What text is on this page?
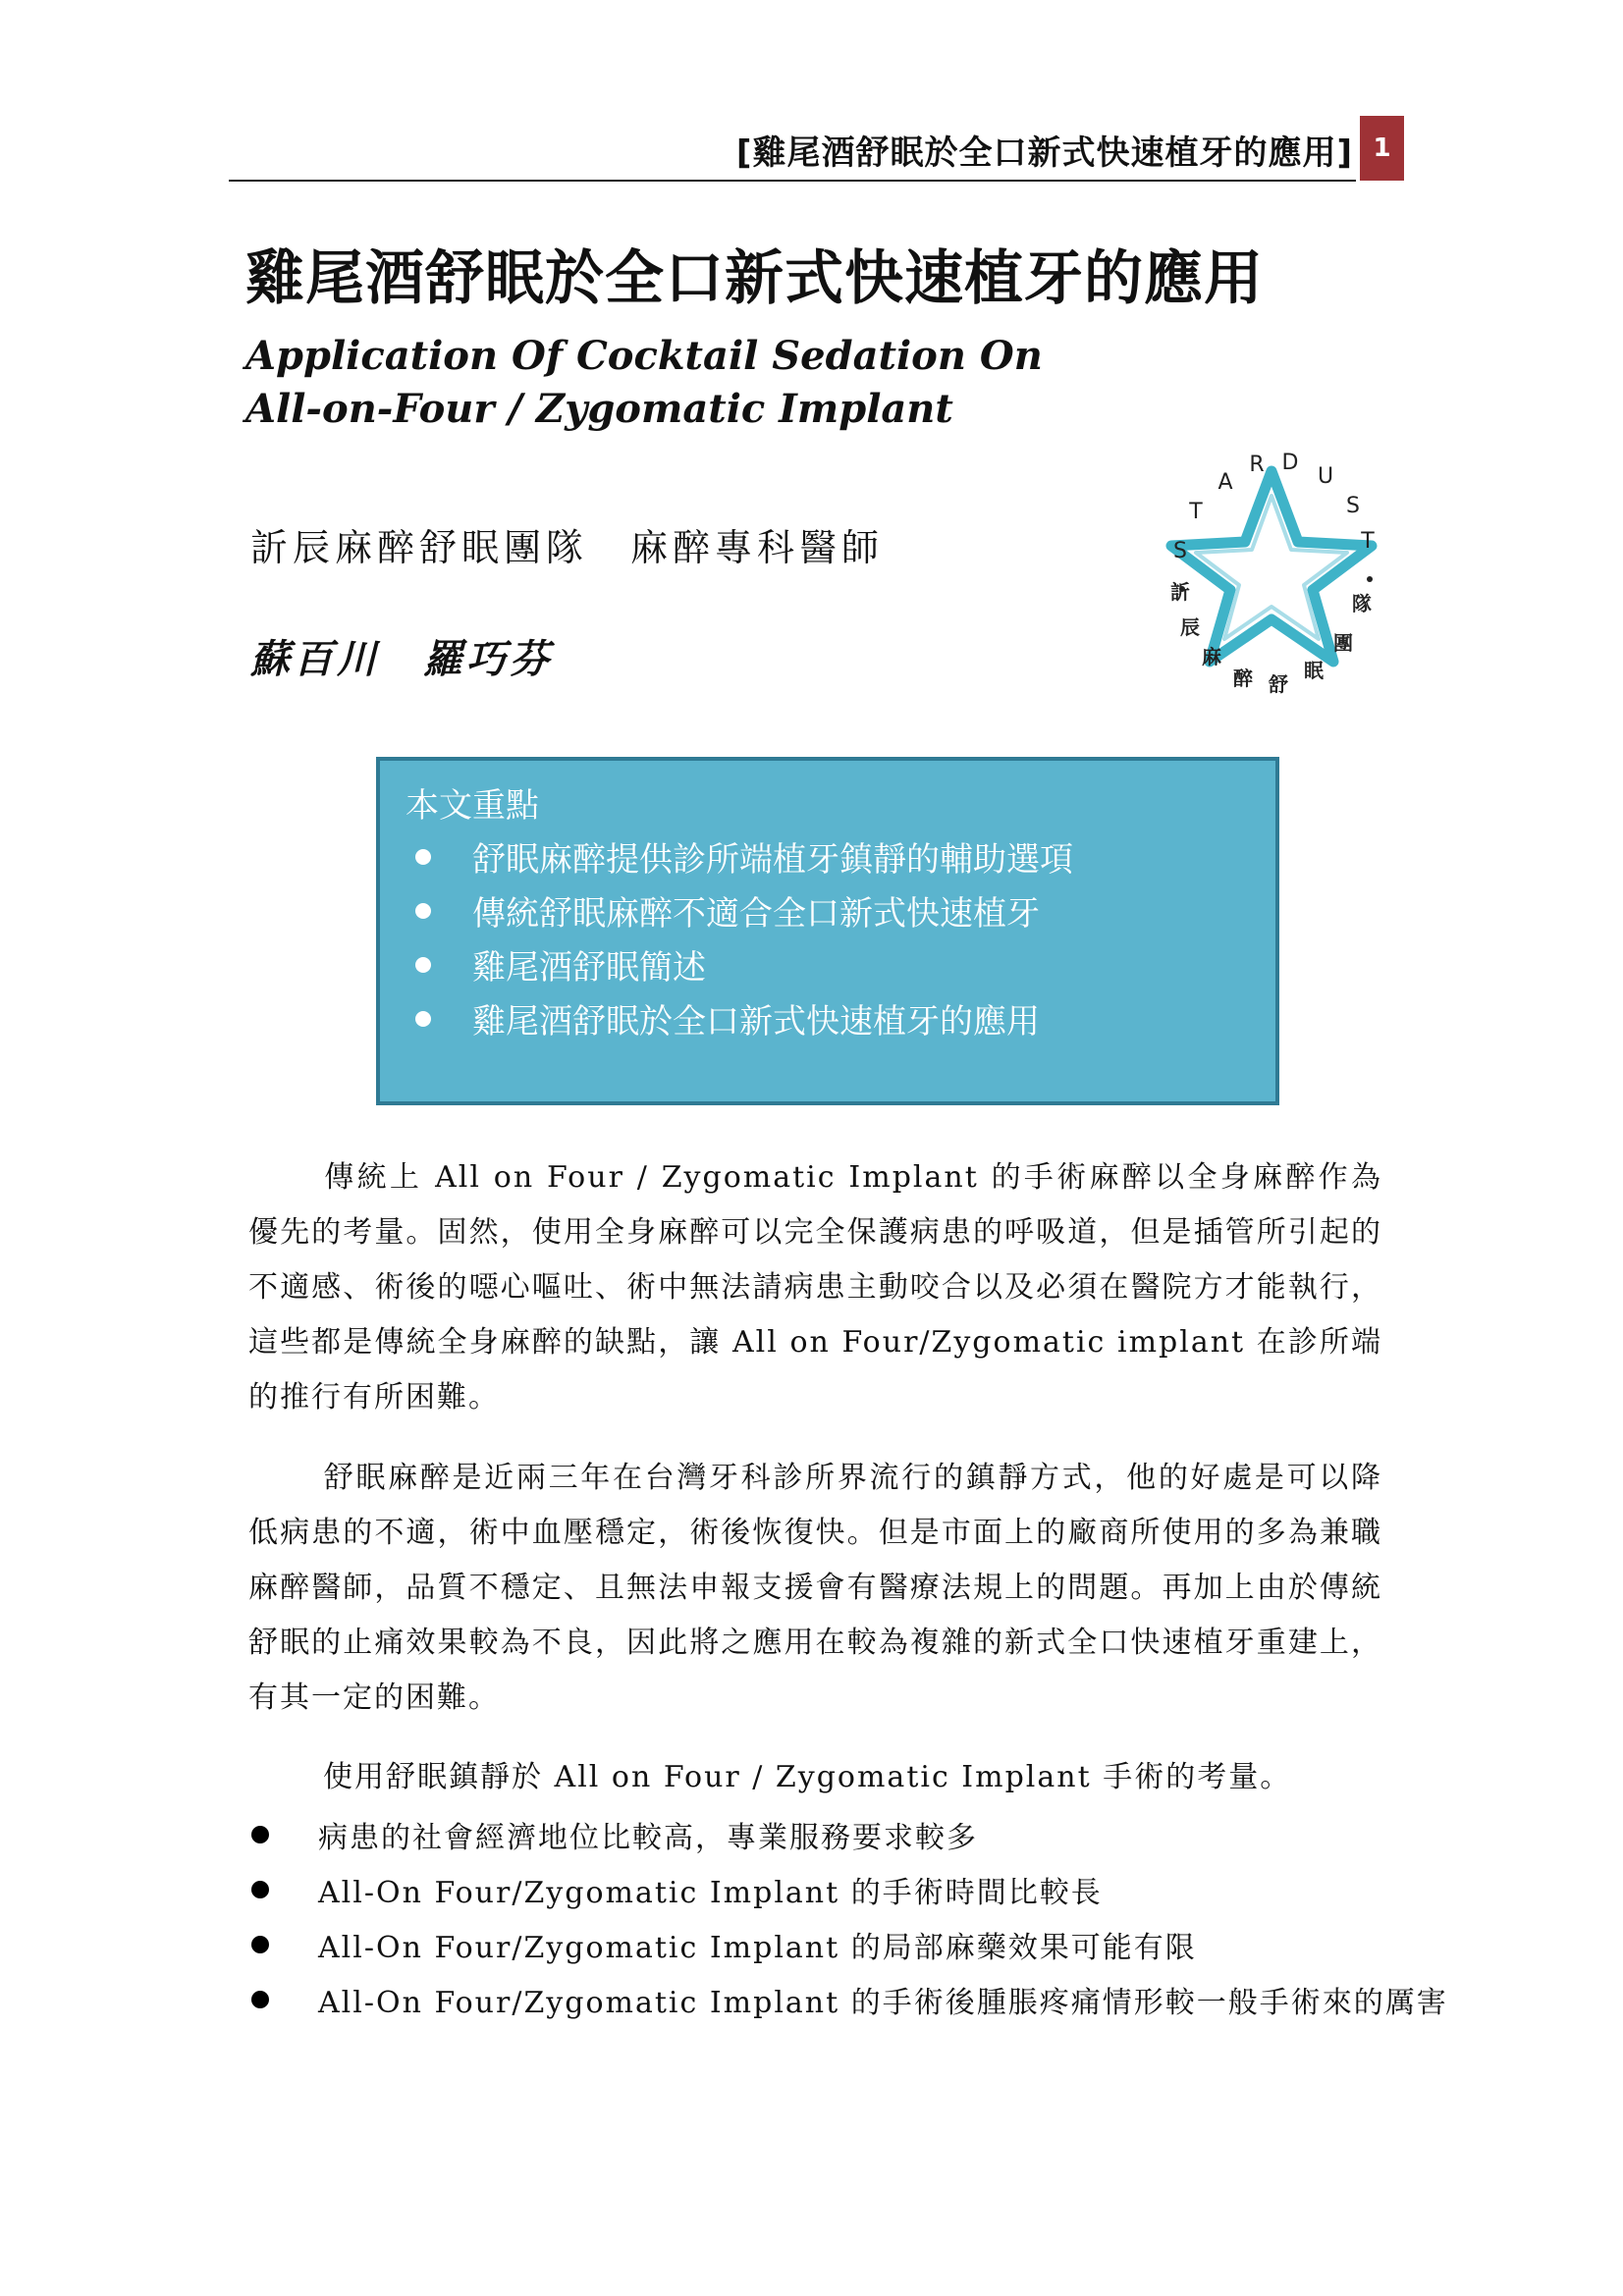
[雞尾酒舒眠於全口新式快速植牙的應用] 1
雞尾酒舒眠於全口新式快速植牙的應用
Application Of Cocktail Sedation On
All-on-Four / Zygomatic Implant
訢辰麻醉舒眠團隊　麻醉專科醫師
蘇百川　羅巧芬
S
T
A
R D
U
S
T
訢
辰
麻
醉 舒
眠
團
隊
本文重點
舒眠麻醉提供診所端植牙鎮靜的輔助選項
傳統舒眠麻醉不適合全口新式快速植牙
雞尾酒舒眠簡述
雞尾酒舒眠於全口新式快速植牙的應用

傳統上 All on Four / Zygomatic Implant 的手術麻醉以全身麻醉作為優先的考量。固然，使用全身麻醉可以完全保護病患的呼吸道，但是插管所引起的不適感、術後的噁心嘔吐、術中無法請病患主動咬合以及必須在醫院方才能執行，這些都是傳統全身麻醉的缺點，讓 All on Four/Zygomatic implant 在診所端的推行有所困難。

舒眠麻醉是近兩三年在台灣牙科診所界流行的鎮靜方式，他的好處是可以降低病患的不適，術中血壓穩定，術後恢復快。但是市面上的廠商所使用的多為兼職麻醉醫師，品質不穩定、且無法申報支援會有醫療法規上的問題。再加上由於傳統舒眠的止痛效果較為不良，因此將之應用在較為複雜的新式全口快速植牙重建上，有其一定的困難。

使用舒眠鎮靜於 All on Four / Zygomatic Implant 手術的考量。
病患的社會經濟地位比較高，專業服務要求較多
All-On Four/Zygomatic Implant 的手術時間比較長
All-On Four/Zygomatic Implant 的局部麻藥效果可能有限
All-On Four/Zygomatic Implant 的手術後腫脹疼痛情形較一般手術來的厲害
